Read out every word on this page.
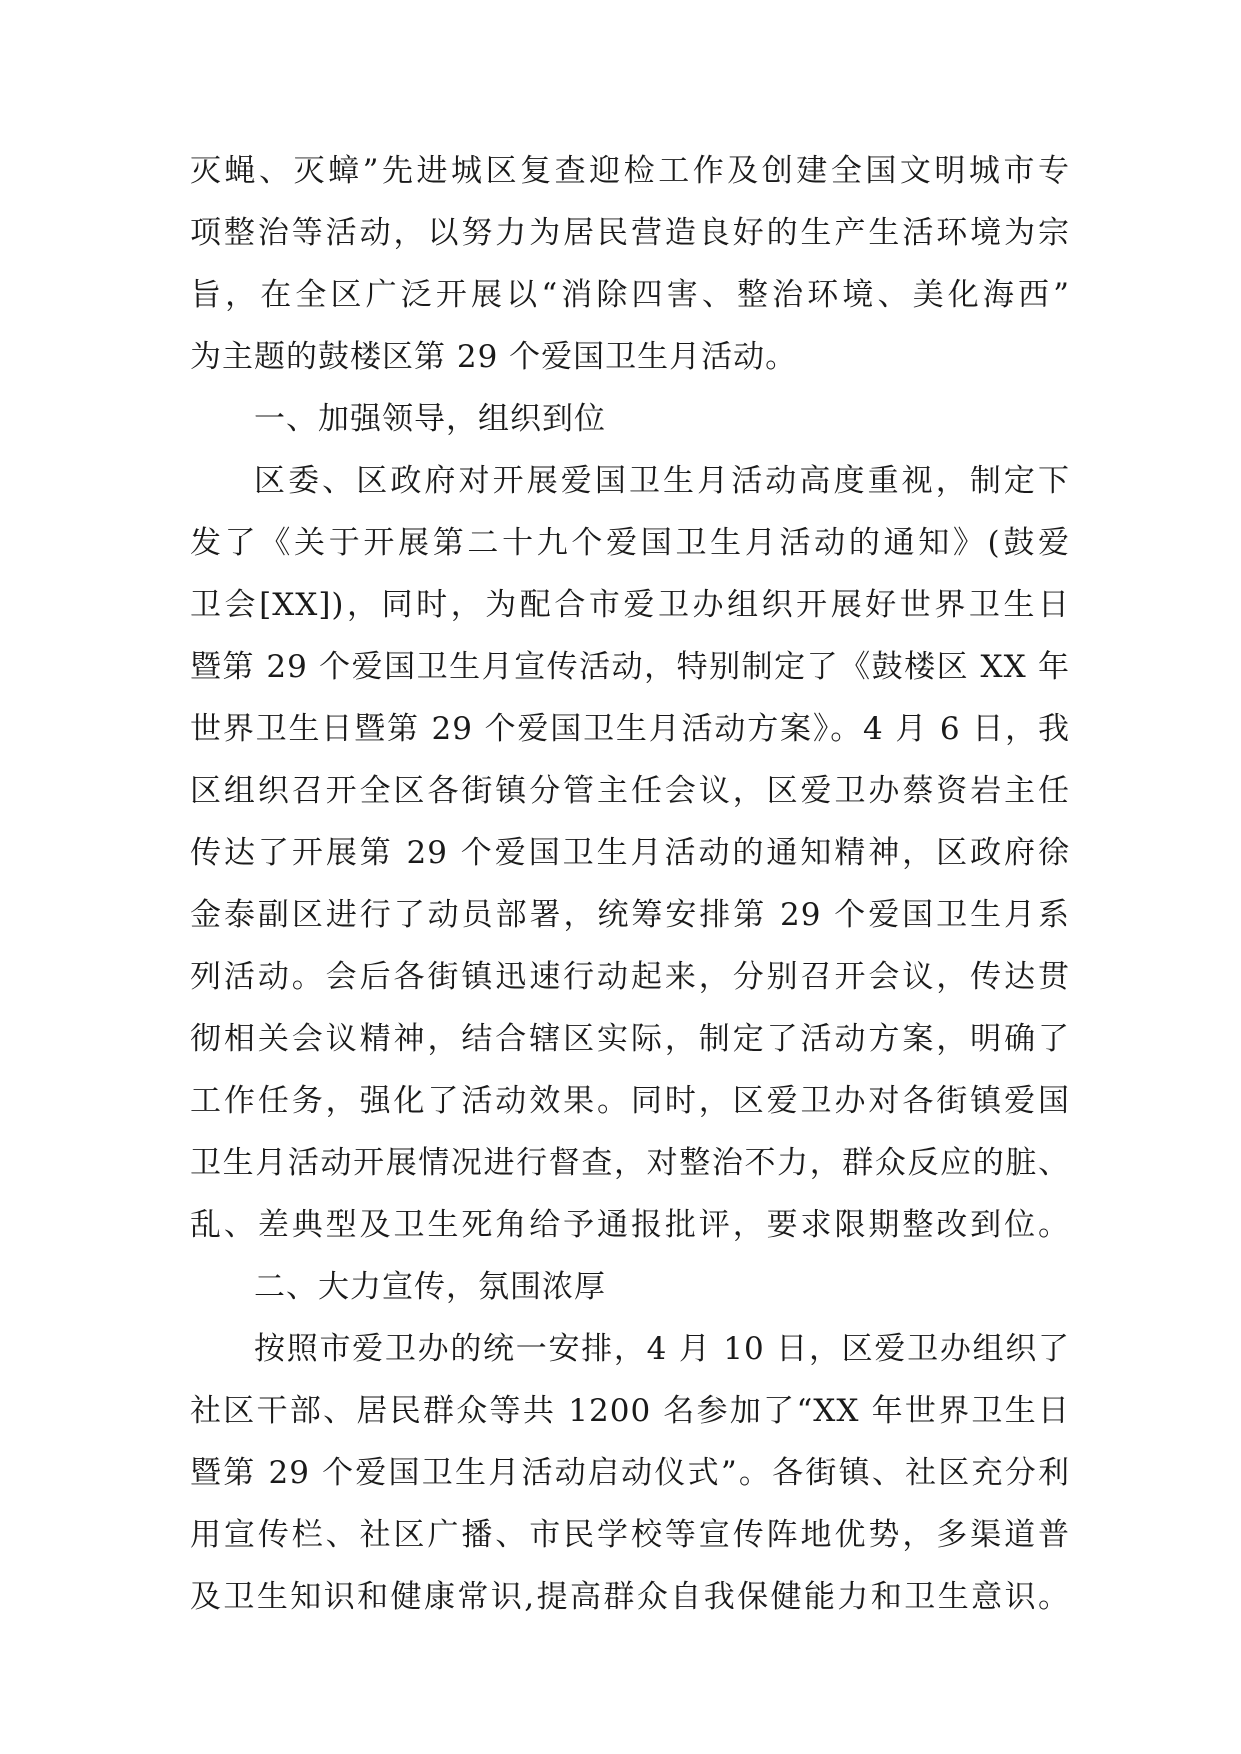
灭蝇、灭蟑”先进城区复查迎检工作及创建全国文明城市专
项整治等活动，以努力为居民营造良好的生产生活环境为宗
旨，在全区广泛开展以“消除四害、整治环境、美化海西”
为主题的鼓楼区第 29 个爱国卫生月活动。
一、加强领导，组织到位
区委、区政府对开展爱国卫生月活动高度重视，制定下
发了《关于开展第二十九个爱国卫生月活动的通知》(鼓爱
卫会[XX])，同时，为配合市爱卫办组织开展好世界卫生日
暨第 29 个爱国卫生月宣传活动，特别制定了《鼓楼区 XX 年
世界卫生日暨第 29 个爱国卫生月活动方案》。4 月 6 日，我
区组织召开全区各街镇分管主任会议，区爱卫办蔡资岩主任
传达了开展第 29 个爱国卫生月活动的通知精神，区政府徐
金泰副区进行了动员部署，统筹安排第 29 个爱国卫生月系
列活动。会后各街镇迅速行动起来，分别召开会议，传达贯
彻相关会议精神，结合辖区实际，制定了活动方案，明确了
工作任务，强化了活动效果。同时，区爱卫办对各街镇爱国
卫生月活动开展情况进行督查，对整治不力，群众反应的脏、
乱、差典型及卫生死角给予通报批评，要求限期整改到位。
二、大力宣传，氛围浓厚
按照市爱卫办的统一安排，4 月 10 日，区爱卫办组织了
社区干部、居民群众等共 1200 名参加了“XX 年世界卫生日
暨第 29 个爱国卫生月活动启动仪式”。各街镇、社区充分利
用宣传栏、社区广播、市民学校等宣传阵地优势，多渠道普
及卫生知识和健康常识,提高群众自我保健能力和卫生意识。
